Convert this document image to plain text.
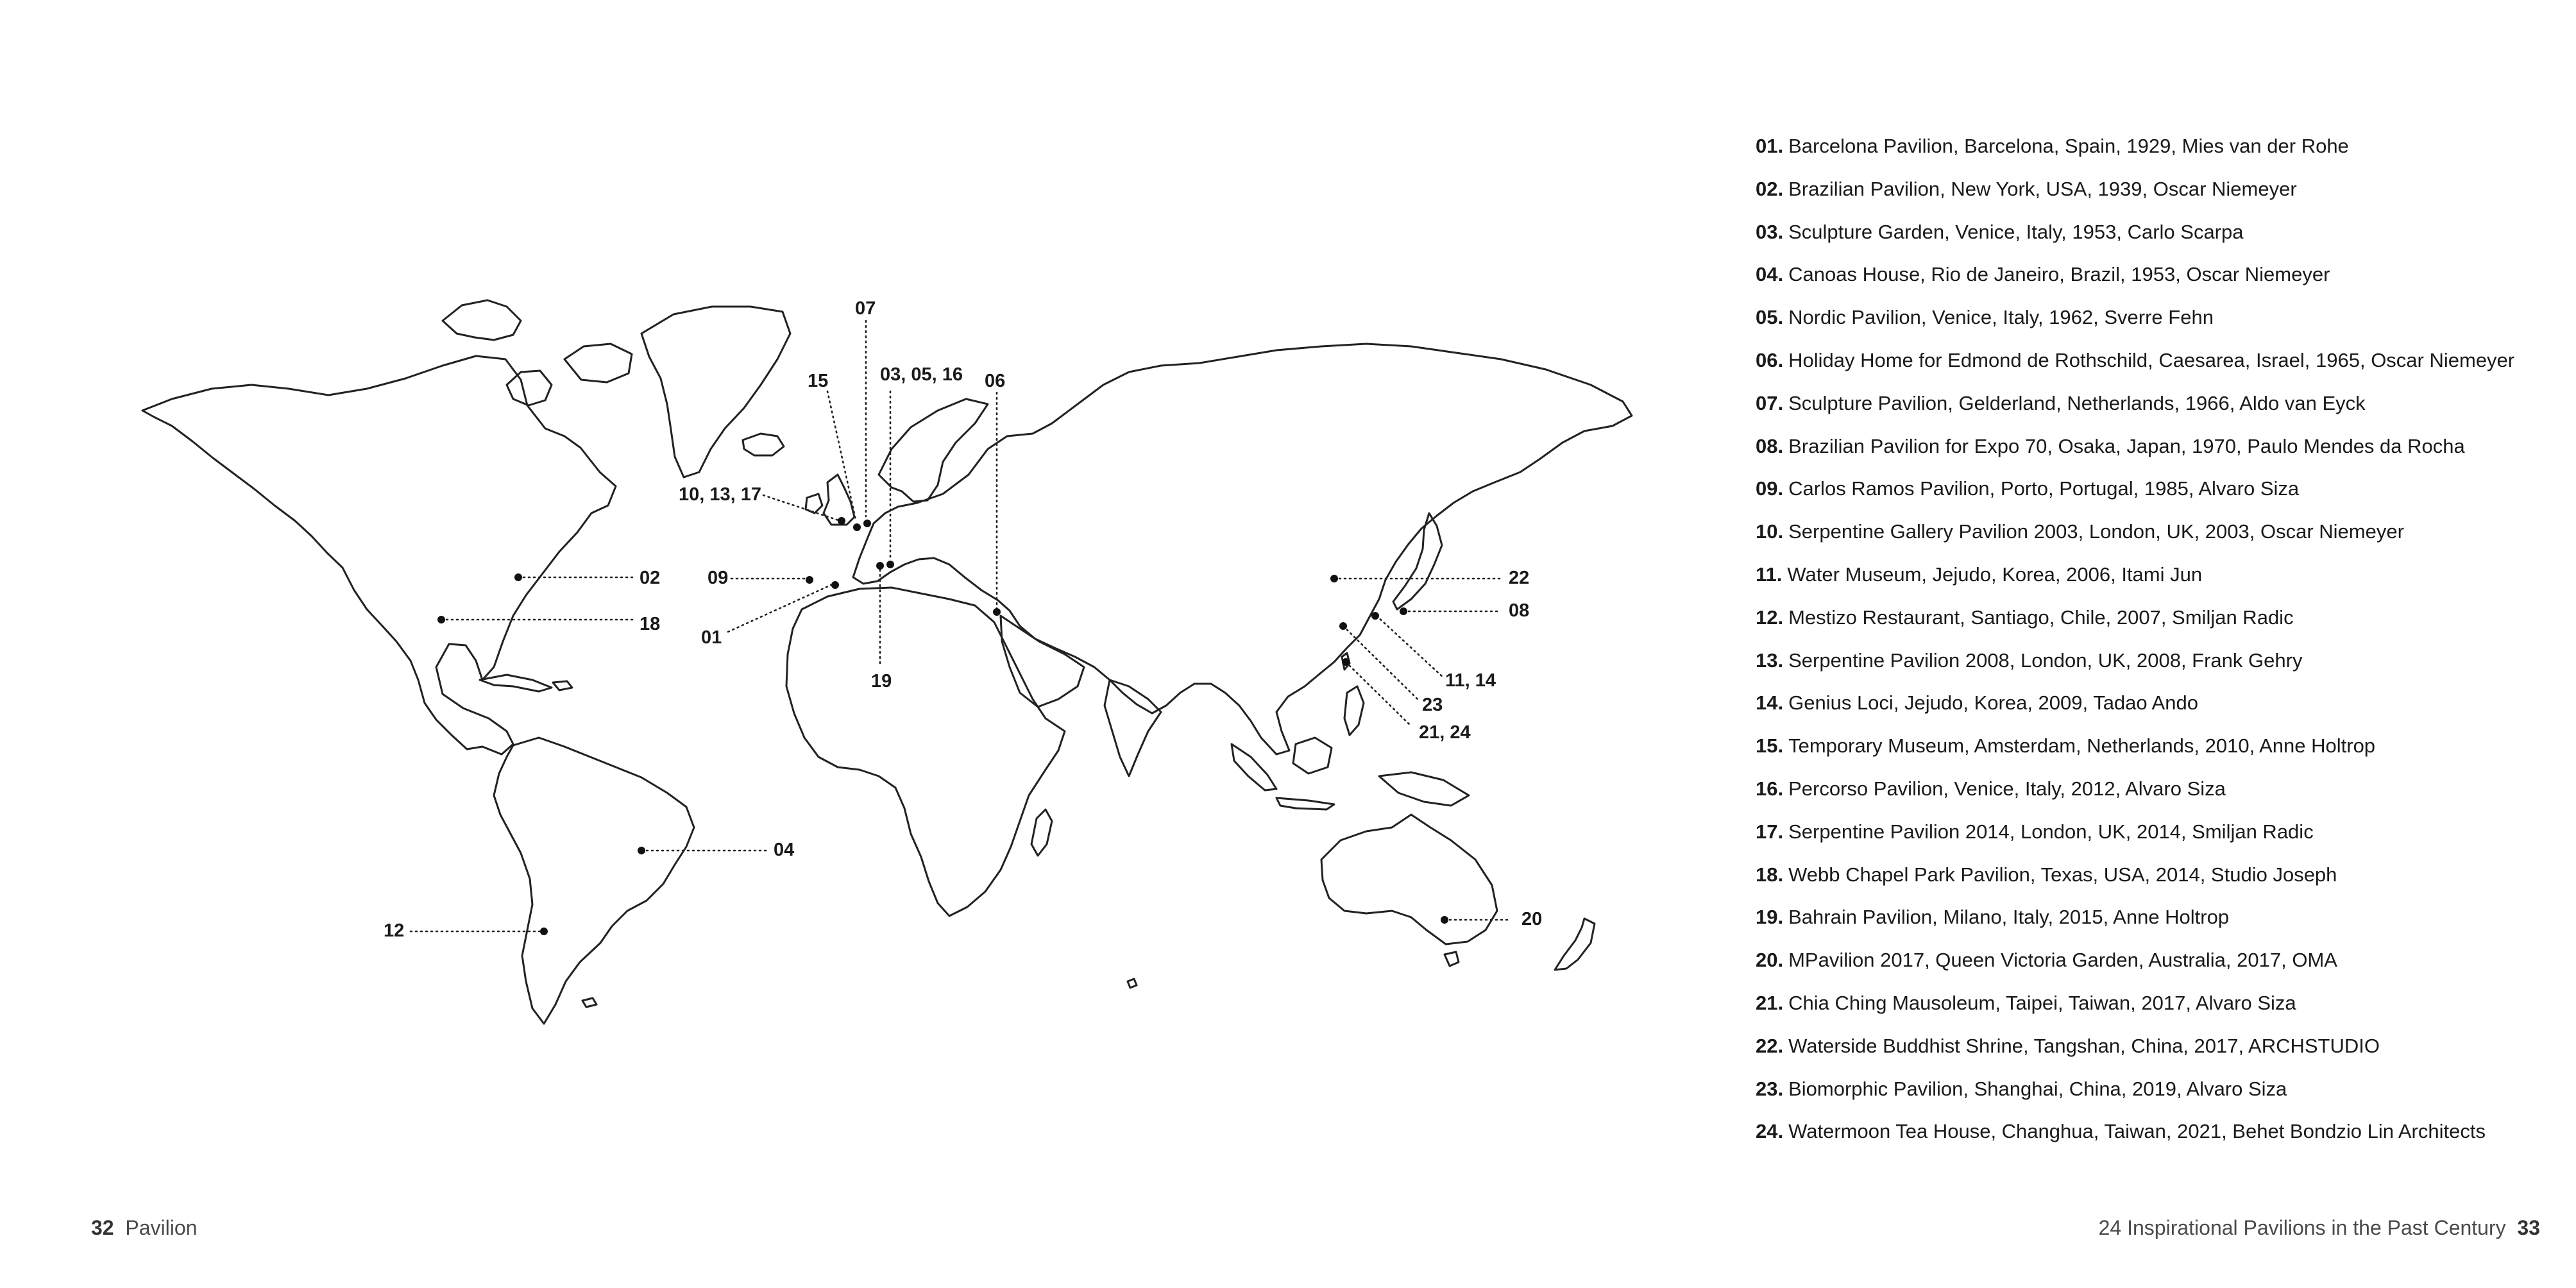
07
15	03, 05, 16 06
10, 13, 17
02	09
18
01
19
04
12
22
08
11, 14
23
21, 24
20
01. Barcelona Pavilion, Barcelona, Spain, 1929, Mies van der Rohe
02. Brazilian Pavilion, New York, USA, 1939, Oscar Niemeyer
03. Sculpture Garden, Venice, Italy, 1953, Carlo Scarpa
04. Canoas House, Rio de Janeiro, Brazil, 1953, Oscar Niemeyer
05. Nordic Pavilion, Venice, Italy, 1962, Sverre Fehn
06. Holiday Home for Edmond de Rothschild, Caesarea, Israel, 1965, Oscar Niemeyer
07. Sculpture Pavilion, Gelderland, Netherlands, 1966, Aldo van Eyck
08. Brazilian Pavilion for Expo 70, Osaka, Japan, 1970, Paulo Mendes da Rocha
09. Carlos Ramos Pavilion, Porto, Portugal, 1985, Alvaro Siza
10. Serpentine Gallery Pavilion 2003, London, UK, 2003, Oscar Niemeyer
11. Water Museum, Jejudo, Korea, 2006, Itami Jun
12. Mestizo Restaurant, Santiago, Chile, 2007, Smiljan Radic
13. Serpentine Pavilion 2008, London, UK, 2008, Frank Gehry
14. Genius Loci, Jejudo, Korea, 2009, Tadao Ando
15. Temporary Museum, Amsterdam, Netherlands, 2010, Anne Holtrop
16. Percorso Pavilion, Venice, Italy, 2012, Alvaro Siza
17. Serpentine Pavilion 2014, London, UK, 2014, Smiljan Radic
18. Webb Chapel Park Pavilion, Texas, USA, 2014, Studio Joseph
19. Bahrain Pavilion, Milano, Italy, 2015, Anne Holtrop
20. MPavilion 2017, Queen Victoria Garden, Australia, 2017, OMA
21. Chia Ching Mausoleum, Taipei, Taiwan, 2017, Alvaro Siza
22. Waterside Buddhist Shrine, Tangshan, China, 2017, ARCHSTUDIO
23. Biomorphic Pavilion, Shanghai, China, 2019, Alvaro Siza
24. Watermoon Tea House, Changhua, Taiwan, 2021, Behet Bondzio Lin Architects
32 Pavilion	24 Inspirational Pavilions in the Past Century 33
